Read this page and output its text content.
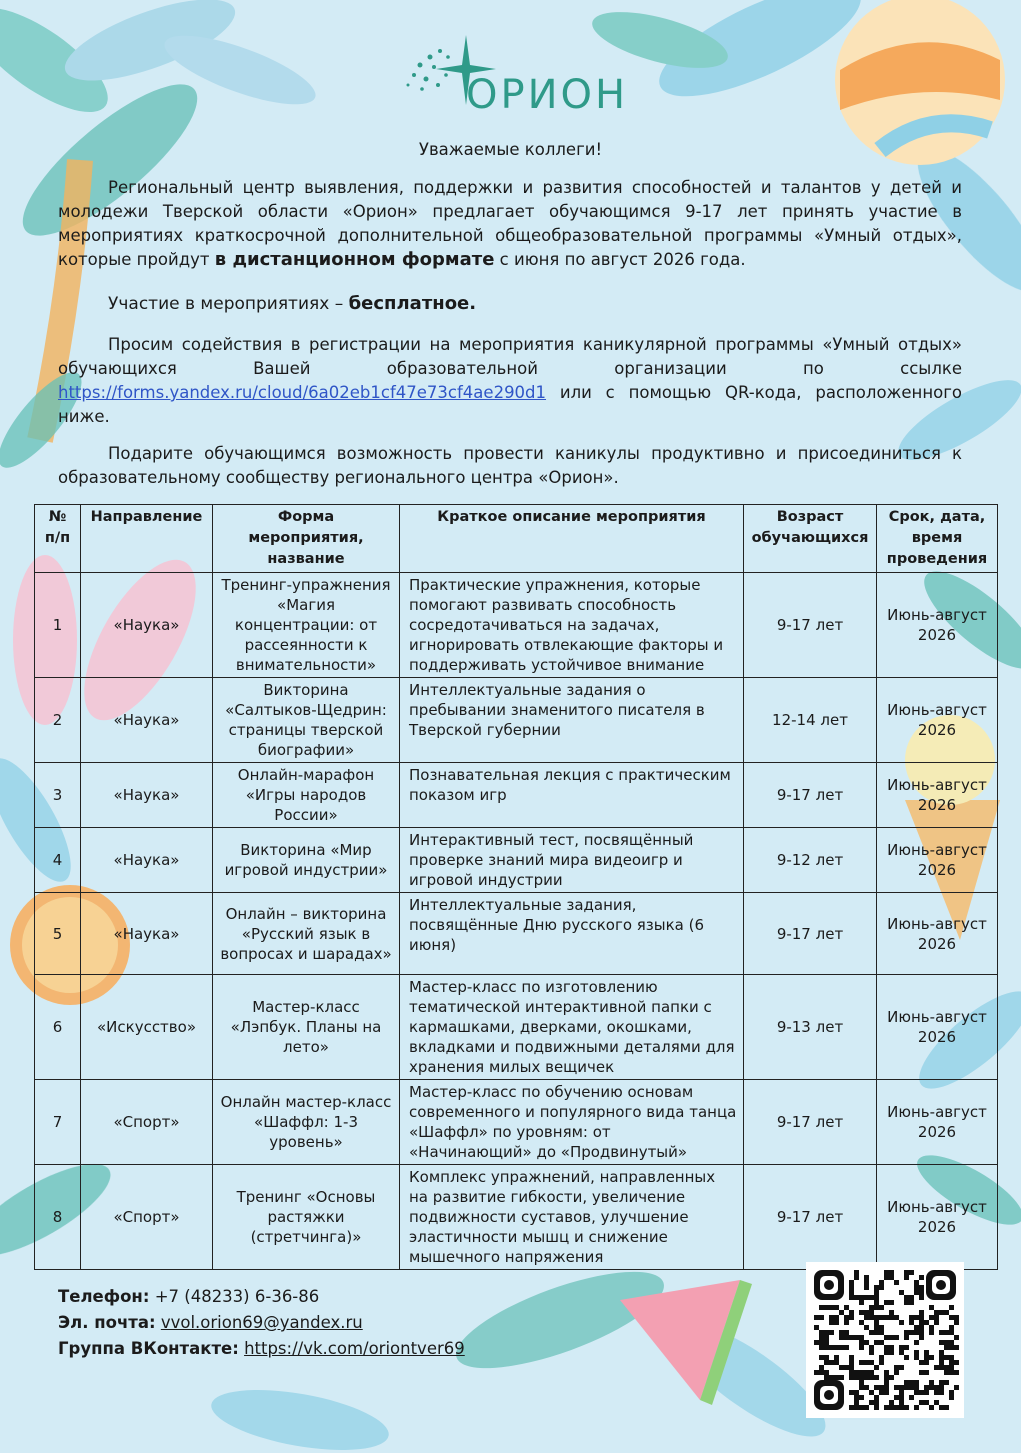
ОРИОН
Уважаемые коллеги!
Региональный центр выявления, поддержки и развития способностей и талантов у детей и молодежи Тверской области «Орион» предлагает обучающимся 9-17 лет принять участие в мероприятиях краткосрочной дополнительной общеобразовательной программы «Умный отдых», которые пройдут в дистанционном формате с июня по август 2026 года.
Участие в мероприятиях – бесплатное.
Просим содействия в регистрации на мероприятия каникулярной программы «Умный отдых» обучающихся Вашей образовательной организации по ссылке https://forms.yandex.ru/cloud/6a02eb1cf47e73cf4ae290d1 или с помощью QR-кода, расположенного ниже.
Подарите обучающимся возможность провести каникулы продуктивно и присоединиться к образовательному сообществу регионального центра «Орион».
№ п/п	Направление	Форма мероприятия, название	Краткое описание мероприятия	Возраст обучающихся	Срок, дата, время проведения
1	«Наука»	Тренинг-упражнения «Магия концентрации: от рассеянности к внимательности»	Практические упражнения, которые помогают развивать способность сосредотачиваться на задачах, игнорировать отвлекающие факторы и поддерживать устойчивое внимание	9-17 лет	Июнь-август 2026
2	«Наука»	Викторина «Салтыков-Щедрин: страницы тверской биографии»	Интеллектуальные задания о пребывании знаменитого писателя в Тверской губернии	12-14 лет	Июнь-август 2026
3	«Наука»	Онлайн-марафон «Игры народов России»	Познавательная лекция с практическим показом игр	9-17 лет	Июнь-август 2026
4	«Наука»	Викторина «Мир игровой индустрии»	Интерактивный тест, посвящённый проверке знаний мира видеоигр и игровой индустрии	9-12 лет	Июнь-август 2026
5	«Наука»	Онлайн – викторина «Русский язык в вопросах и шарадах»	Интеллектуальные задания, посвящённые Дню русского языка (6 июня)	9-17 лет	Июнь-август 2026
6	«Искусство»	Мастер-класс «Лэпбук. Планы на лето»	Мастер-класс по изготовлению тематической интерактивной папки с кармашками, дверками, окошками, вкладками и подвижными деталями для хранения милых вещичек	9-13 лет	Июнь-август 2026
7	«Спорт»	Онлайн мастер-класс «Шаффл: 1-3 уровень»	Мастер-класс по обучению основам современного и популярного вида танца «Шаффл» по уровням: от «Начинающий» до «Продвинутый»	9-17 лет	Июнь-август 2026
8	«Спорт»	Тренинг «Основы растяжки (стретчинга)»	Комплекс упражнений, направленных на развитие гибкости, увеличение подвижности суставов, улучшение эластичности мышц и снижение мышечного напряжения	9-17 лет	Июнь-август 2026
Телефон: +7 (48233) 6-36-86
Эл. почта: vvol.orion69@yandex.ru
Группа ВКонтакте: https://vk.com/oriontver69
